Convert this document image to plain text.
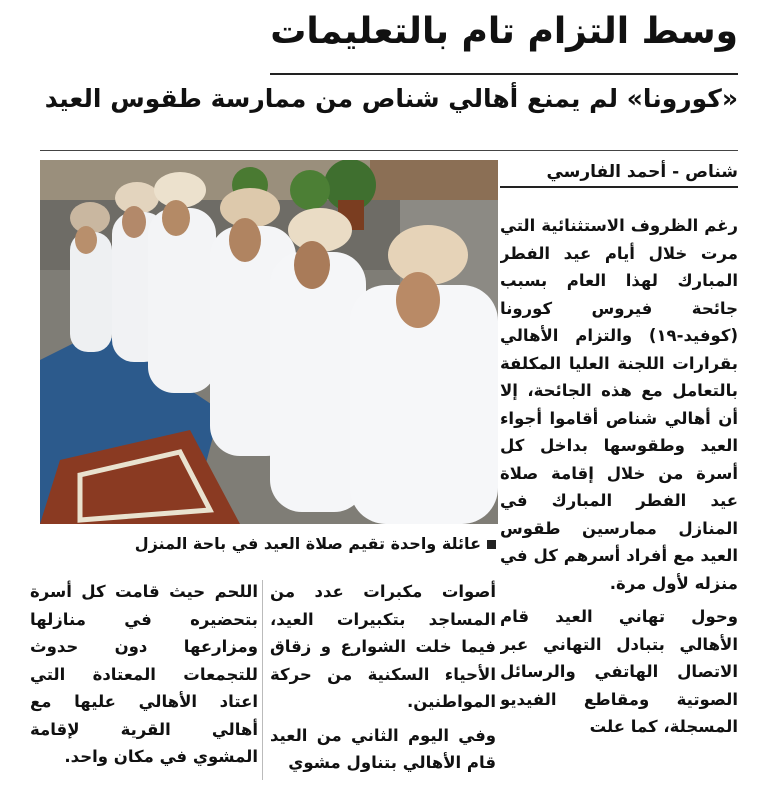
وسط التزام تام بالتعليمات
«كورونا» لم يمنع أهالي شناص من ممارسة طقوس العيد
شناص - أحمد الفارسي

رغم الظروف الاستثنائية التي مرت خلال أيام عيد الفطر المبارك لهذا العام بسبب جائحة فيروس كورونا (كوفيد-١٩) والتزام الأهالي بقرارات اللجنة العليا المكلفة بالتعامل مع هذه الجائحة، إلا أن أهالي شناص أقاموا أجواء العيد وطقوسها بداخل كل أسرة من خلال إقامة صلاة عيد الفطر المبارك في المنازل ممارسين طقوس العيد مع أفراد أسرهم كل في منزله لأول مرة.

وحول تهاني العيد قام الأهالي بتبادل التهاني عبر الاتصال الهاتفي والرسائل الصوتية ومقاطع الفيديو المسجلة، كما علت

عائلة واحدة تقيم صلاة العيد في باحة المنزل

أصوات مكبرات عدد من المساجد بتكبيرات العيد، فيما خلت الشوارع و زقاق الأحياء السكنية من حركة المواطنين.

وفي اليوم الثاني من العيد قام الأهالي بتناول مشوي

اللحم حيث قامت كل أسرة بتحضيره في منازلها ومزارعها دون حدوث للتجمعات المعتادة التي اعتاد الأهالي عليها مع أهالي القرية لإقامة المشوي في مكان واحد.
